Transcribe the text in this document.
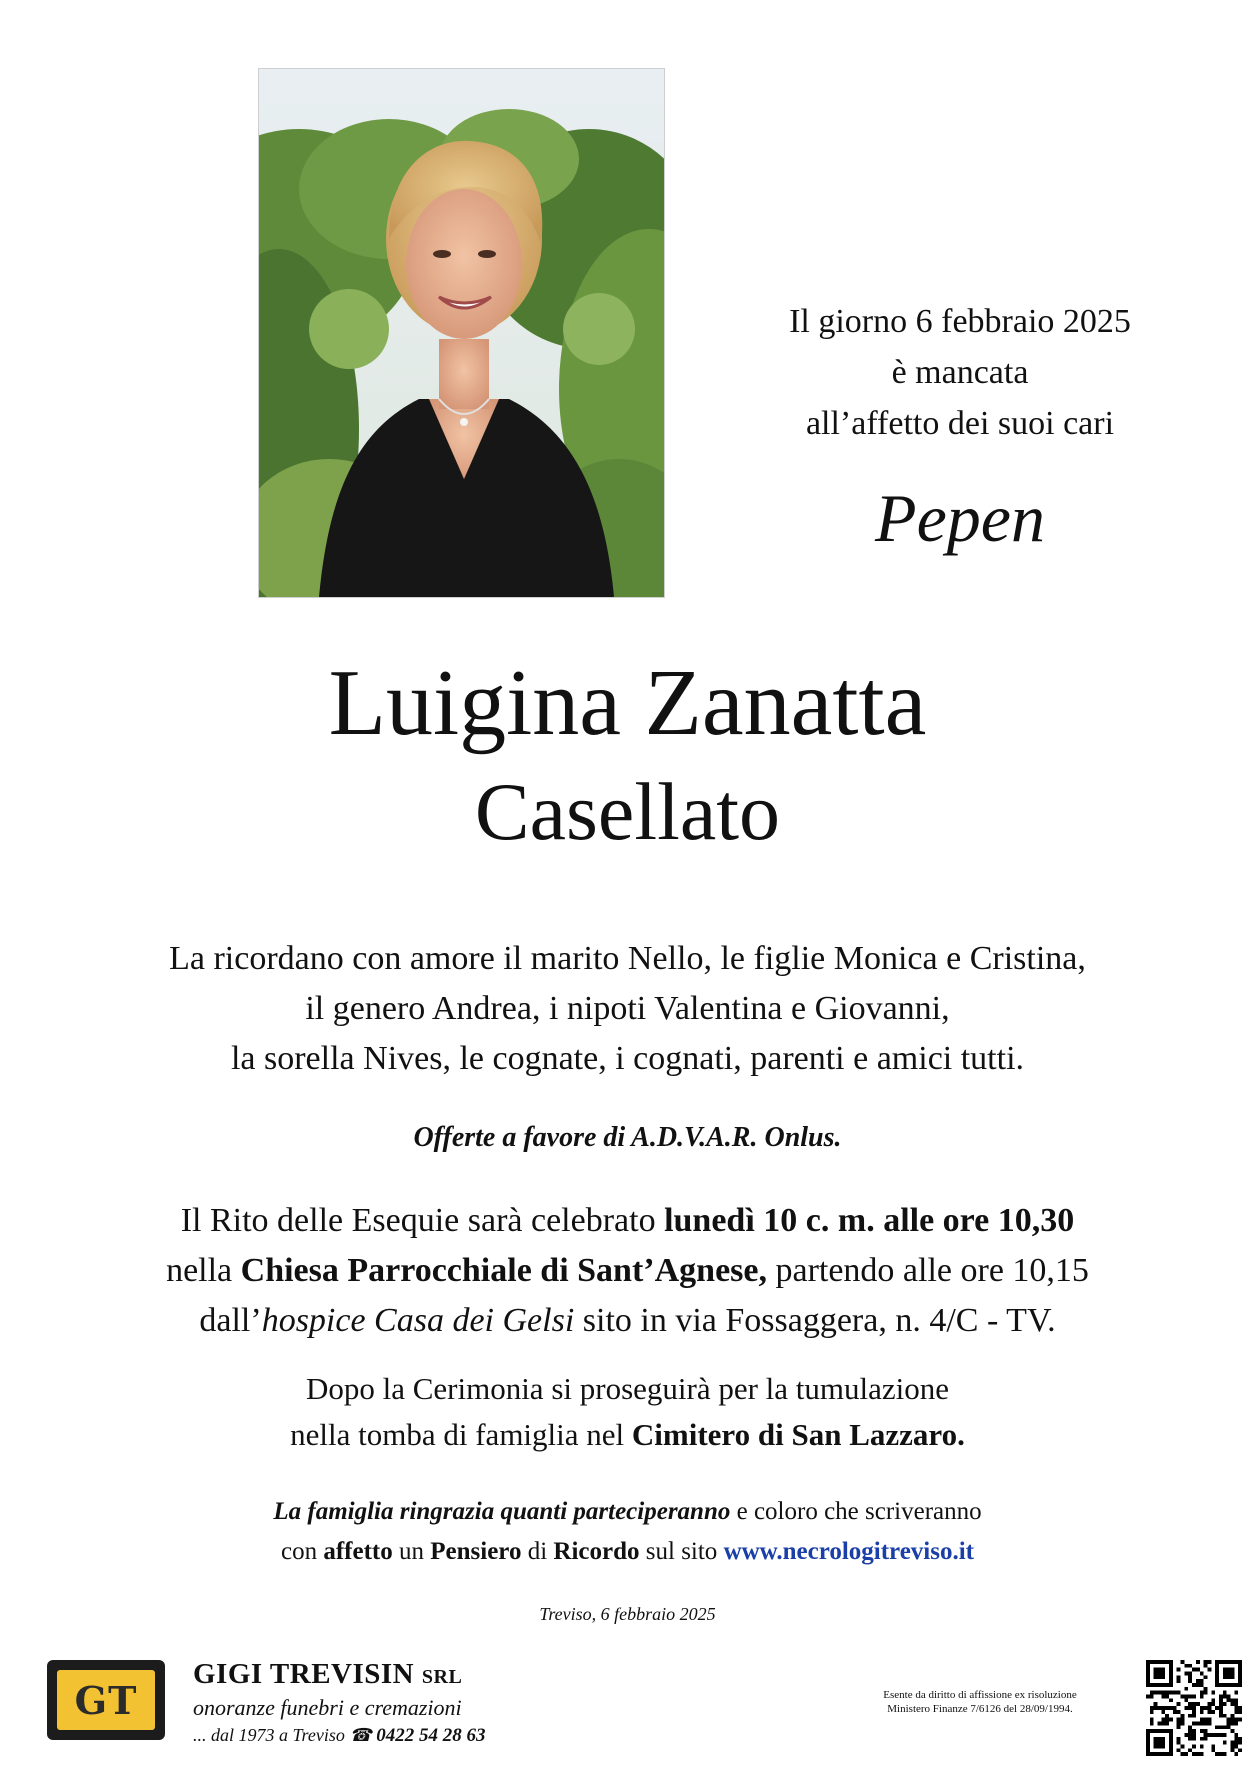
Il giorno 6 febbraio 2025
è mancata
all’affetto dei suoi cari
Pepen
Luigina Zanatta
Casellato
La ricordano con amore il marito Nello, le figlie Monica e Cristina,
il genero Andrea, i nipoti Valentina e Giovanni,
la sorella Nives, le cognate, i cognati, parenti e amici tutti.
Offerte a favore di A.D.V.A.R. Onlus.
Il Rito delle Esequie sarà celebrato lunedì 10 c. m. alle ore 10,30
nella Chiesa Parrocchiale di Sant’Agnese, partendo alle ore 10,15
dall’hospice Casa dei Gelsi sito in via Fossaggera, n. 4/C - TV.
Dopo la Cerimonia si proseguirà per la tumulazione
nella tomba di famiglia nel Cimitero di San Lazzaro.
La famiglia ringrazia quanti parteciperanno e coloro che scriveranno
con affetto un Pensiero di Ricordo sul sito www.necrologitreviso.it
Treviso, 6 febbraio 2025
GT
GIGI TREVISIN SRL
onoranze funebri e cremazioni
... dal 1973 a Treviso ☎ 0422 54 28 63
Esente da diritto di affissione ex risoluzione
Ministero Finanze 7/6126 del 28/09/1994.
